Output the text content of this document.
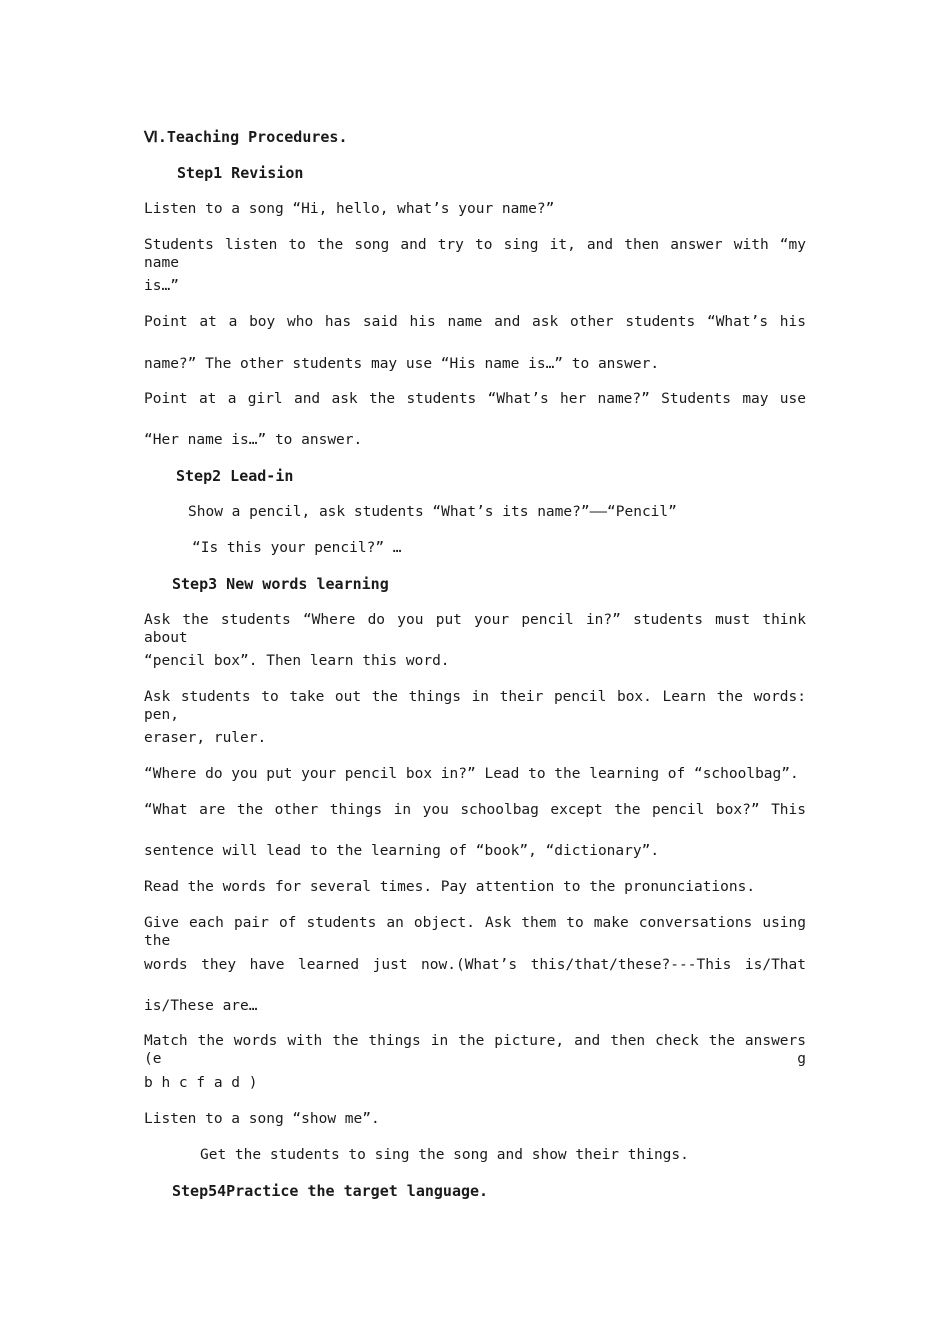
Ⅵ.Teaching Procedures.
Step1 Revision
Listen to a song “Hi, hello, what’s your name?”
Students listen to the song and try to sing it, and then answer with “my name
is…”
Point at a boy who has said his name and ask other students “What’s his
name?” The other students may use “His name is…” to answer.
Point at a girl and ask the students “What’s her name?” Students may use
“Her name is…” to answer.
Step2 Lead-in
Show a pencil, ask students “What’s its name?”——“Pencil”
“Is this your pencil?” …
Step3 New words learning
Ask the students “Where do you put your pencil in?” students must think about
“pencil box”. Then learn this word.
Ask students to take out the things in their pencil box. Learn the words: pen,
eraser, ruler.
“Where do you put your pencil box in?” Lead to the learning of “schoolbag”.
“What are the other things in you schoolbag except the pencil box?” This
sentence will lead to the learning of “book”, “dictionary”.
Read the words for several times. Pay attention to the pronunciations.
Give each pair of students an object. Ask them to make conversations using the
words they have learned just now.(What’s this/that/these?---This is/That
is/These are…
Match the words with the things in the picture, and then check the answers (e g
b h c f a d )
Listen to a song “show me”.
Get the students to sing the song and show their things.
Step54Practice the target language.
